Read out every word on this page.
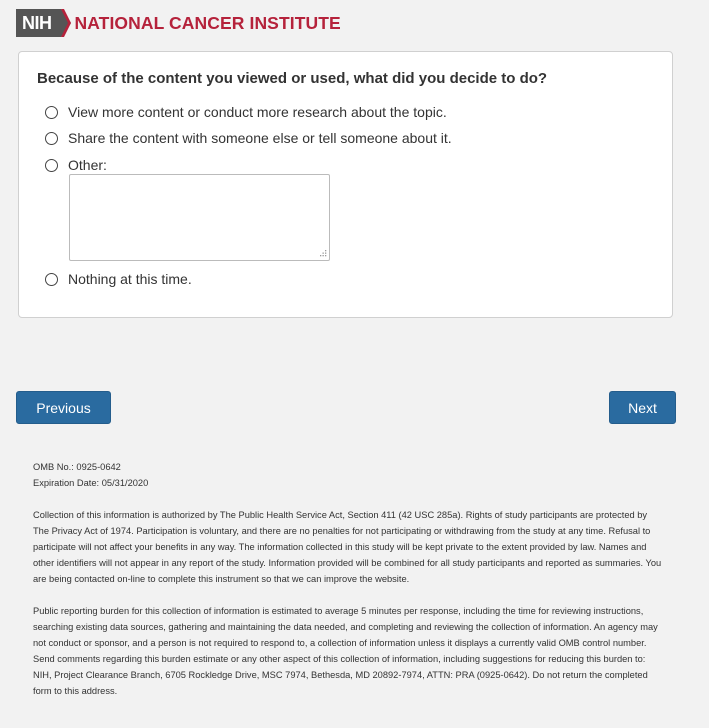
NIH NATIONAL CANCER INSTITUTE
Because of the content you viewed or used, what did you decide to do?
View more content or conduct more research about the topic.
Share the content with someone else or tell someone about it.
Other:
Nothing at this time.
Previous	Next

OMB No.: 0925-0642

Expiration Date: 05/31/2020

Collection of this information is authorized by The Public Health Service Act, Section 411 (42 USC 285a). Rights of study participants are protected by The Privacy Act of 1974. Participation is voluntary, and there are no penalties for not participating or withdrawing from the study at any time. Refusal to participate will not affect your benefits in any way. The information collected in this study will be kept private to the extent provided by law. Names and other identifiers will not appear in any report of the study. Information provided will be combined for all study participants and reported as summaries. You are being contacted on-line to complete this instrument so that we can improve the website.

Public reporting burden for this collection of information is estimated to average 5 minutes per response, including the time for reviewing instructions, searching existing data sources, gathering and maintaining the data needed, and completing and reviewing the collection of information. An agency may not conduct or sponsor, and a person is not required to respond to, a collection of information unless it displays a currently valid OMB control number. Send comments regarding this burden estimate or any other aspect of this collection of information, including suggestions for reducing this burden to: NIH, Project Clearance Branch, 6705 Rockledge Drive, MSC 7974, Bethesda, MD 20892-7974, ATTN: PRA (0925-0642). Do not return the completed form to this address.
